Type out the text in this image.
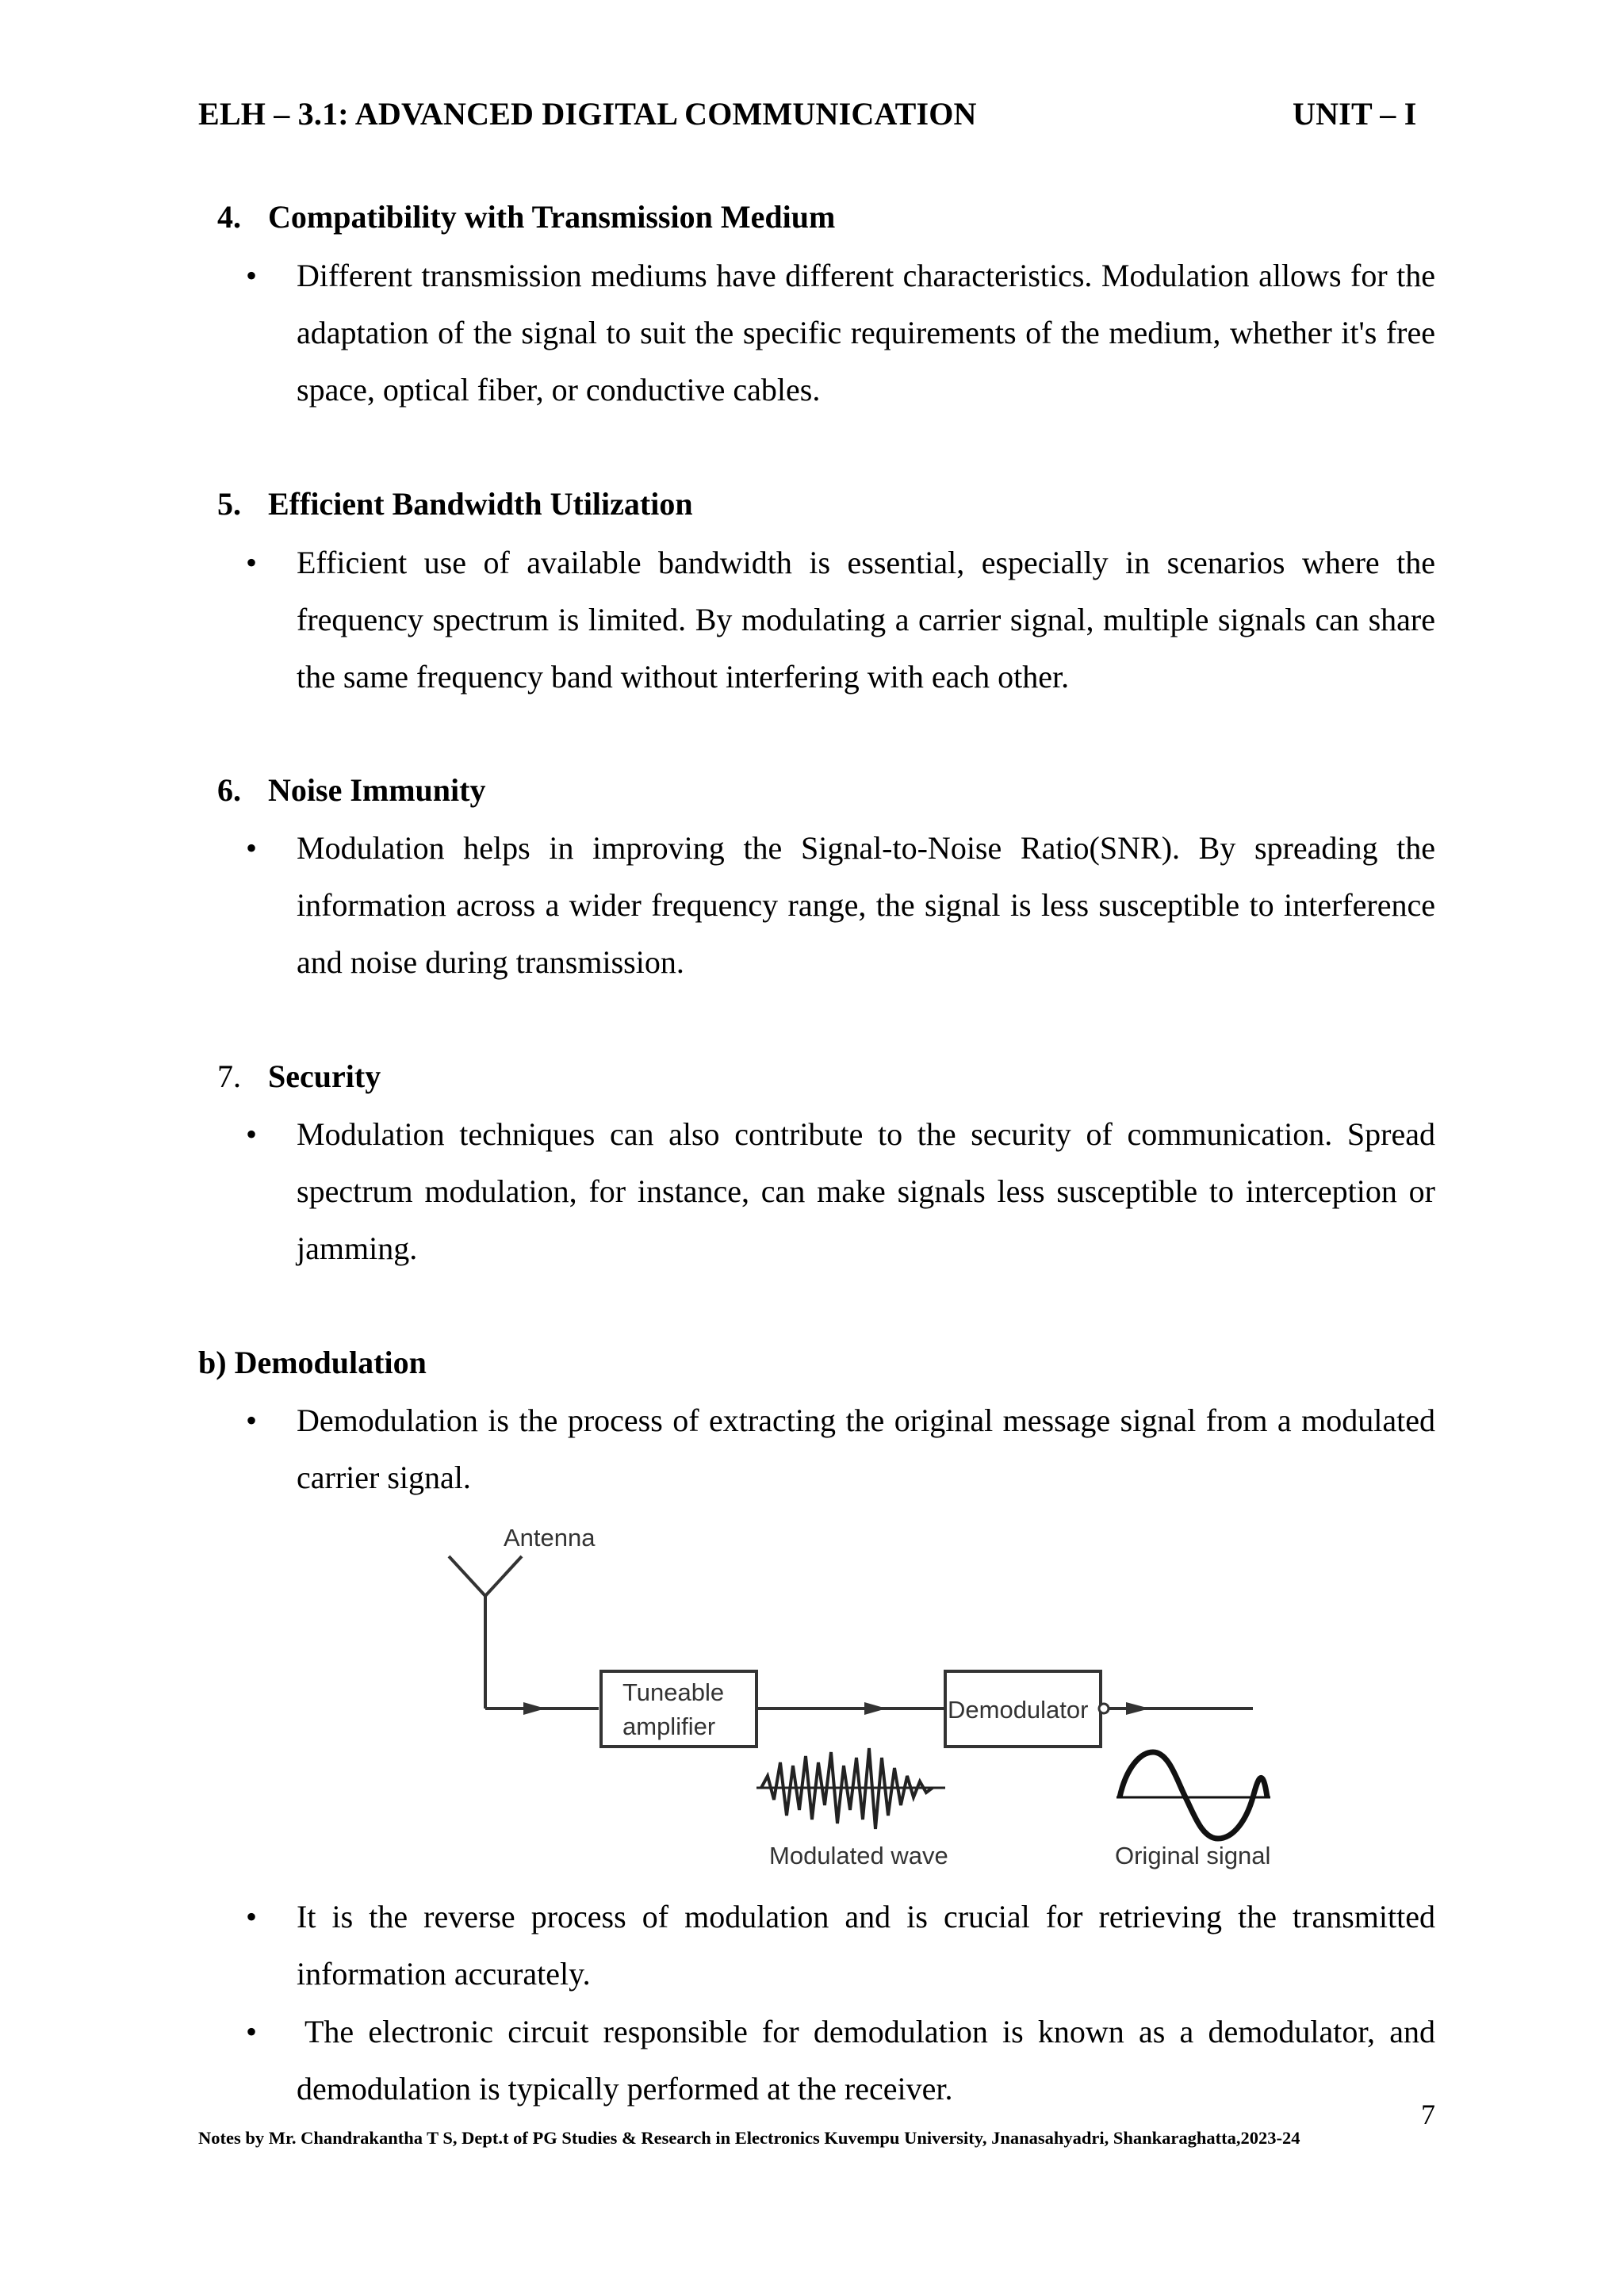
ELH – 3.1: ADVANCED DIGITAL COMMUNICATION	UNIT – I
4. Compatibility with Transmission Medium
• Different transmission mediums have different characteristics. Modulation allows for the adaptation of the signal to suit the specific requirements of the medium, whether it's free space, optical fiber, or conductive cables.

5. Efficient Bandwidth Utilization
• Efficient use of available bandwidth is essential, especially in scenarios where the frequency spectrum is limited. By modulating a carrier signal, multiple signals can share the same frequency band without interfering with each other.

6. Noise Immunity
• Modulation helps in improving the Signal-to-Noise Ratio(SNR). By spreading the information across a wider frequency range, the signal is less susceptible to interference and noise during transmission.

7. Security
• Modulation techniques can also contribute to the security of communication. Spread spectrum modulation, for instance, can make signals less susceptible to interception or jamming.

b) Demodulation
• Demodulation is the process of extracting the original message signal from a modulated carrier signal.

Antenna
Tuneable
amplifier
Demodulator
Modulated wave	Original signal
• It is the reverse process of modulation and is crucial for retrieving the transmitted information accurately.

• The electronic circuit responsible for demodulation is known as a demodulator, and demodulation is typically performed at the receiver.

7
Notes by Mr. Chandrakantha T S, Dept.t of PG Studies & Research in Electronics Kuvempu University, Jnanasahyadri, Shankaraghatta,2023-24
